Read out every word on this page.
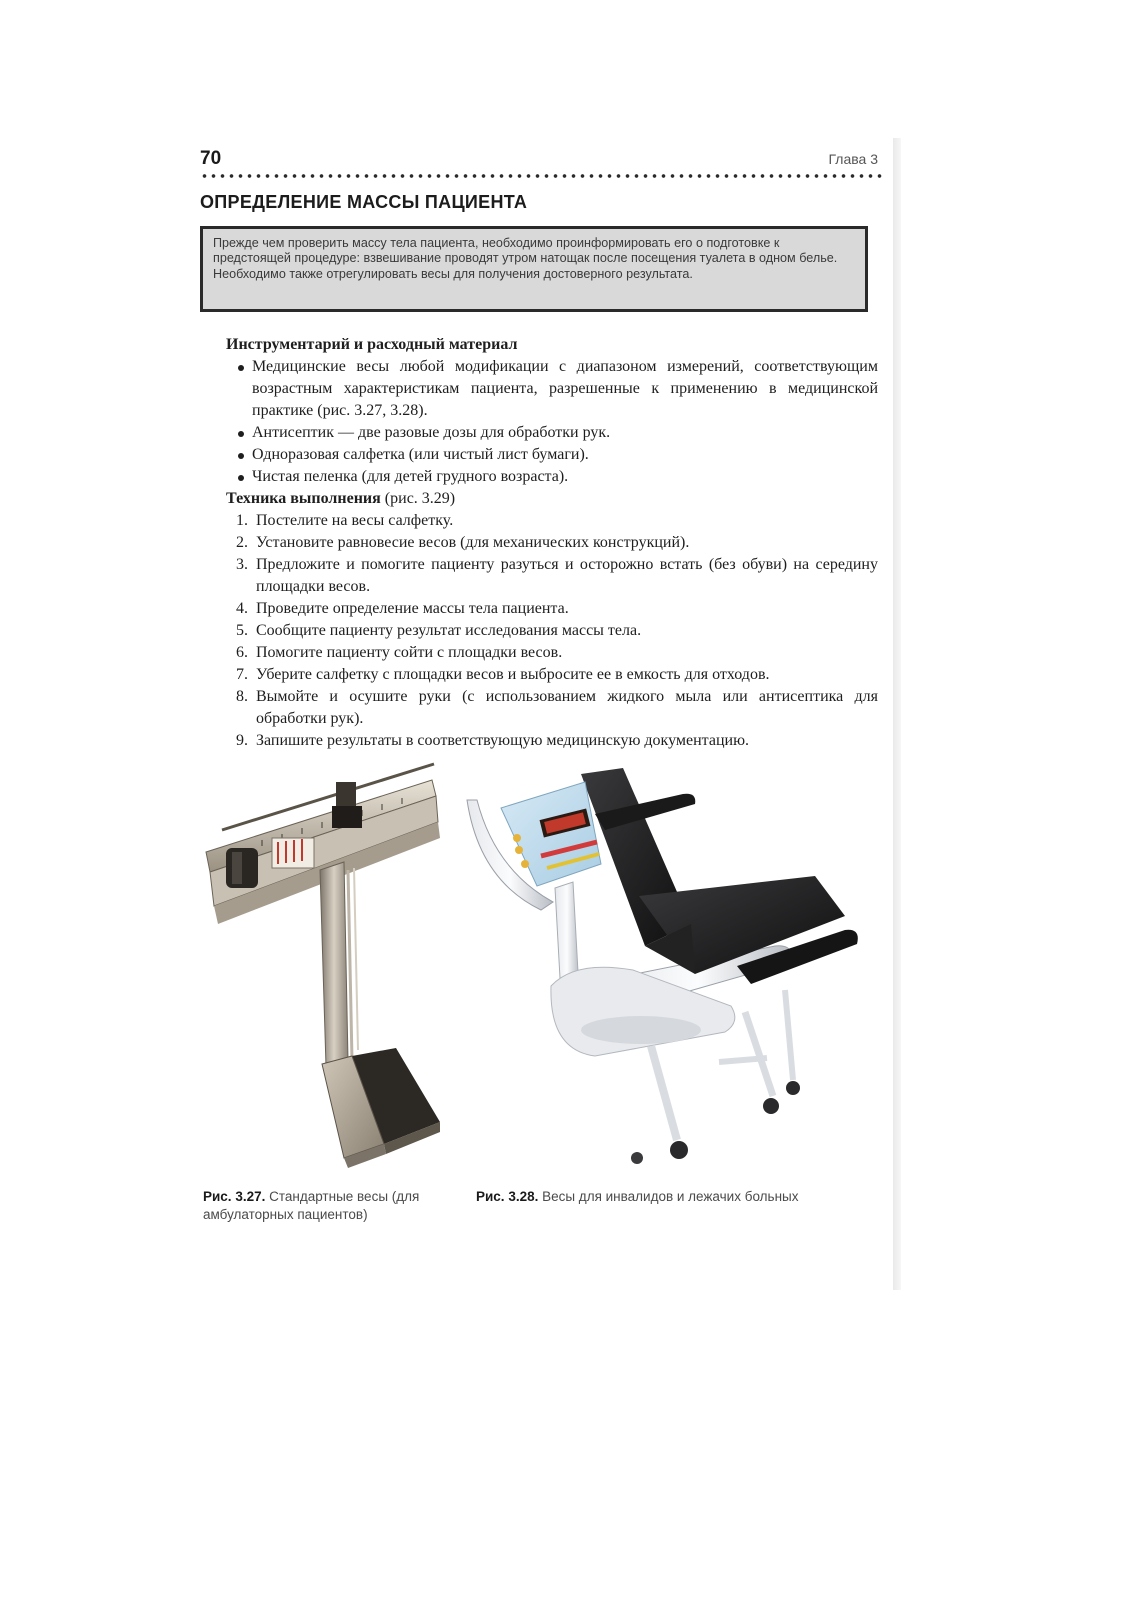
70	Глава 3
ОПРЕДЕЛЕНИЕ МАССЫ ПАЦИЕНТА

Прежде чем проверить массу тела пациента, необходимо проинформировать его о подготовке к предстоящей процедуре: взвешивание проводят утром натощак после посещения туалета в одном белье.

Необходимо также отрегулировать весы для получения достоверного результата.

Инструментарий и расходный материал

Медицинские весы любой модификации с диапазоном измерений, соответствующим возрастным характеристикам пациента, разрешенные к применению в медицинской практике (рис. 3.27, 3.28).
Антисептик — две разовые дозы для обработки рук.
Одноразовая салфетка (или чистый лист бумаги).
Чистая пеленка (для детей грудного возраста).

Техника выполнения (рис. 3.29)

1. Постелите на весы салфетку.
2. Установите равновесие весов (для механических конструкций).
3. Предложите и помогите пациенту разуться и осторожно встать (без обуви) на середину площадки весов.
4. Проведите определение массы тела пациента.
5. Сообщите пациенту результат исследования массы тела.
6. Помогите пациенту сойти с площадки весов.
7. Уберите салфетку с площадки весов и выбросите ее в емкость для отходов.
8. Вымойте и осушите руки (с использованием жидкого мыла или антисептика для обработки рук).
9. Запишите результаты в соответствующую медицинскую документацию.
Рис. 3.27. Стандартные весы (для амбулаторных пациентов)
Рис. 3.28. Весы для инвалидов и лежачих больных
